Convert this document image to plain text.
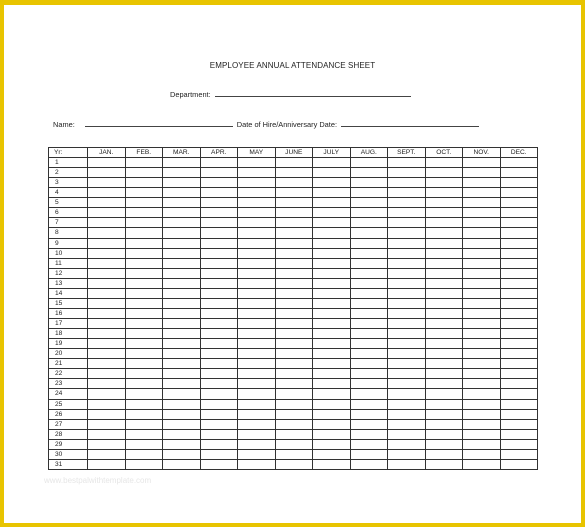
EMPLOYEE ANNUAL ATTENDANCE SHEET
Department:
Name:	Date of Hire/Anniversary Date:
Yr:	JAN.	FEB.	MAR.	APR.	MAY	JUNE	JULY	AUG.	SEPT.	OCT.	NOV.	DEC.
1												
2												
3												
4												
5												
6												
7												
8												
9												
10												
11												
12												
13												
14												
15												
16												
17												
18												
19												
20												
21												
22												
23												
24												
25												
26												
27												
28												
29												
30												
31												
www.bestpalwithtemplate.com
